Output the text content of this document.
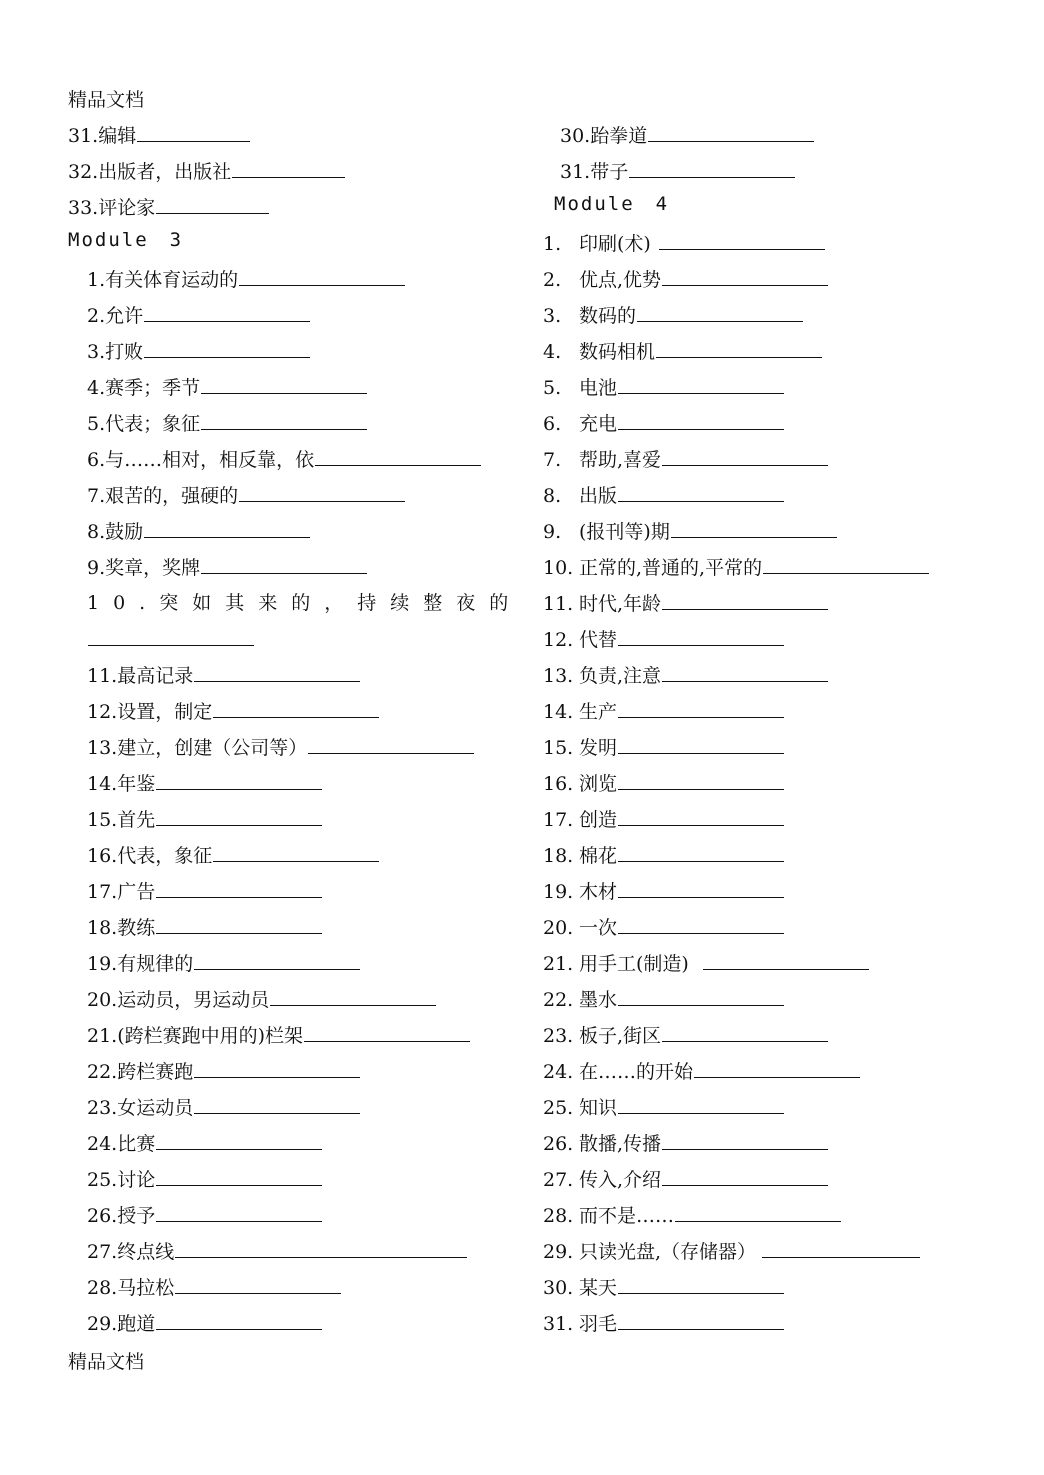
精品文档
31.编辑
32.出版者，出版社
33.评论家
Module　3
1.有关体育运动的
2.允许
3.打败
4.赛季；季节
5.代表；象征
6.与……相对，相反靠，依
7.艰苦的，强硬的
8.鼓励
9.奖章，奖牌
10.突如其来的，持续整夜的
11.最高记录
12.设置，制定
13.建立，创建（公司等）
14.年鉴
15.首先
16.代表，象征
17.广告
18.教练
19.有规律的
20.运动员，男运动员
21.(跨栏赛跑中用的)栏架
22.跨栏赛跑
23.女运动员
24.比赛
25.讨论
26.授予
27.终点线
28.马拉松
29.跑道
30.跆拳道
31.带子
Module　4
1. 印刷(术)
2. 优点,优势
3. 数码的
4. 数码相机
5. 电池
6. 充电
7. 帮助,喜爱
8. 出版
9. (报刊等)期
10. 正常的,普通的,平常的
11. 时代,年龄
12. 代替
13. 负责,注意
14. 生产
15. 发明
16. 浏览
17. 创造
18. 棉花
19. 木材
20. 一次
21. 用手工(制造)
22. 墨水
23. 板子,街区
24. 在……的开始
25. 知识
26. 散播,传播
27. 传入,介绍
28. 而不是……
29. 只读光盘,（存储器）
30. 某天
31. 羽毛
精品文档
